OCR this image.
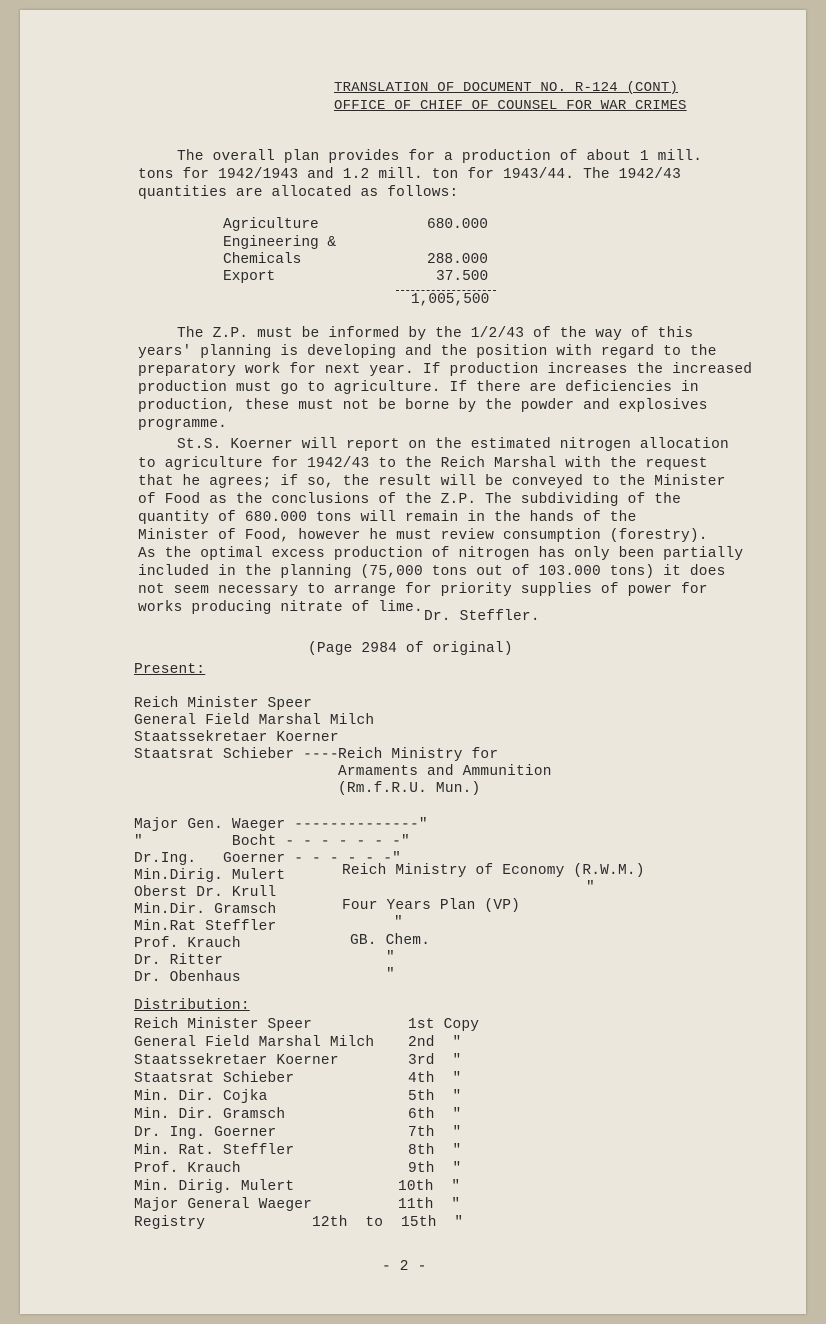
TRANSLATION OF DOCUMENT NO. R-124 (CONT)
OFFICE OF CHIEF OF COUNSEL FOR WAR CRIMES
The overall plan provides for a production of about 1 mill.
tons for 1942/1943 and 1.2 mill. ton for 1943/44. The 1942/43
quantities are allocated as follows:
Agriculture	680.000
Engineering &
Chemicals	288.000
Export	37.500
1,005,500
The Z.P. must be informed by the 1/2/43 of the way of this
years' planning is developing and the position with regard to the
preparatory work for next year. If production increases the increased
production must go to agriculture. If there are deficiencies in
production, these must not be borne by the powder and explosives
programme.
St.S. Koerner will report on the estimated nitrogen allocation
to agriculture for 1942/43 to the Reich Marshal with the request
that he agrees; if so, the result will be conveyed to the Minister
of Food as the conclusions of the Z.P. The subdividing of the
quantity of 680.000 tons will remain in the hands of the
Minister of Food, however he must review consumption (forestry).
As the optimal excess production of nitrogen has only been partially
included in the planning (75,000 tons out of 103.000 tons) it does
not seem necessary to arrange for priority supplies of power for
works producing nitrate of lime.
Dr. Steffler.
(Page 2984 of original)
Present:
Reich Minister Speer
General Field Marshal Milch
Staatssekretaer Koerner
Staatsrat Schieber ---- Reich Ministry for
Armaments and Ammunition
(Rm.f.R.U. Mun.)
Major Gen. Waeger --------------"
"          Bocht - - - - - - -"
Dr.Ing.   Goerner - - - - - -"
Min.Dirig. Mulert	Reich Ministry of Economy (R.W.M.)
Oberst Dr. Krull	"
Min.Dir. Gramsch	Four Years Plan (VP)
Min.Rat Steffler	"
Prof. Krauch	GB. Chem.
Dr. Ritter	"
Dr. Obenhaus	"
Distribution:
Reich Minister Speer	1st Copy
General Field Marshal Milch 2nd  "
Staatssekretaer Koerner	3rd  "
Staatsrat Schieber	4th  "
Min. Dir. Cojka	5th  "
Min. Dir. Gramsch	6th  "
Dr. Ing. Goerner	7th  "
Min. Rat. Steffler	8th  "
Prof. Krauch	9th  "
Min. Dirig. Mulert	10th  "
Major General Waeger	11th  "
Registry	12th  to  15th  "
- 2 -
